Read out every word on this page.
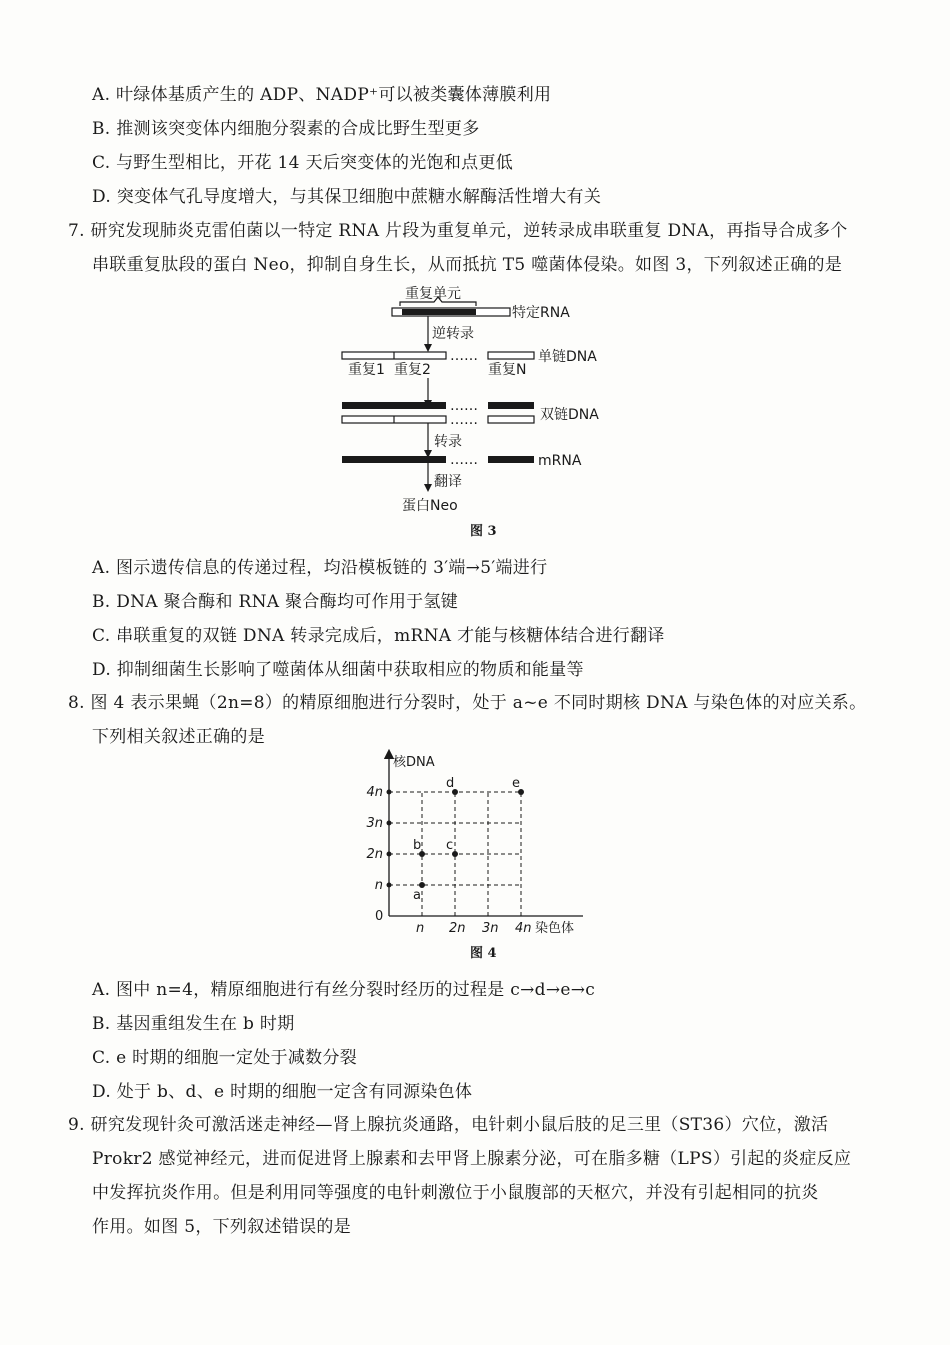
A. 叶绿体基质产生的 ADP、NADP⁺可以被类囊体薄膜利用
B. 推测该突变体内细胞分裂素的合成比野生型更多
C. 与野生型相比，开花 14 天后突变体的光饱和点更低
D. 突变体气孔导度增大，与其保卫细胞中蔗糖水解酶活性增大有关
7. 研究发现肺炎克雷伯菌以一特定 RNA 片段为重复单元，逆转录成串联重复 DNA，再指导合成多个
串联重复肽段的蛋白 Neo，抑制自身生长，从而抵抗 T5 噬菌体侵染。如图 3，下列叙述正确的是
重复单元
特定RNA
逆转录
……	单链DNA
重复1 重复2	重复N
……
……	双链DNA
转录
……	mRNA
翻译
蛋白Neo
图 3
A. 图示遗传信息的传递过程，均沿模板链的 3′端→5′端进行
B. DNA 聚合酶和 RNA 聚合酶均可作用于氢键
C. 串联重复的双链 DNA 转录完成后，mRNA 才能与核糖体结合进行翻译
D. 抑制细菌生长影响了噬菌体从细菌中获取相应的物质和能量等
8. 图 4 表示果蝇（2n=8）的精原细胞进行分裂时，处于 a~e 不同时期核 DNA 与染色体的对应关系。
下列相关叙述正确的是
核DNA
染色体
0
n 2n 3n 4n
n
2n
3n
4n
a
b c
d	e
图 4
A. 图中 n=4，精原细胞进行有丝分裂时经历的过程是 c→d→e→c
B. 基因重组发生在 b 时期
C. e 时期的细胞一定处于减数分裂
D. 处于 b、d、e 时期的细胞一定含有同源染色体
9. 研究发现针灸可激活迷走神经—肾上腺抗炎通路，电针刺小鼠后肢的足三里（ST36）穴位，激活
Prokr2 感觉神经元，进而促进肾上腺素和去甲肾上腺素分泌，可在脂多糖（LPS）引起的炎症反应
中发挥抗炎作用。但是利用同等强度的电针刺激位于小鼠腹部的天枢穴，并没有引起相同的抗炎
作用。如图 5，下列叙述错误的是
